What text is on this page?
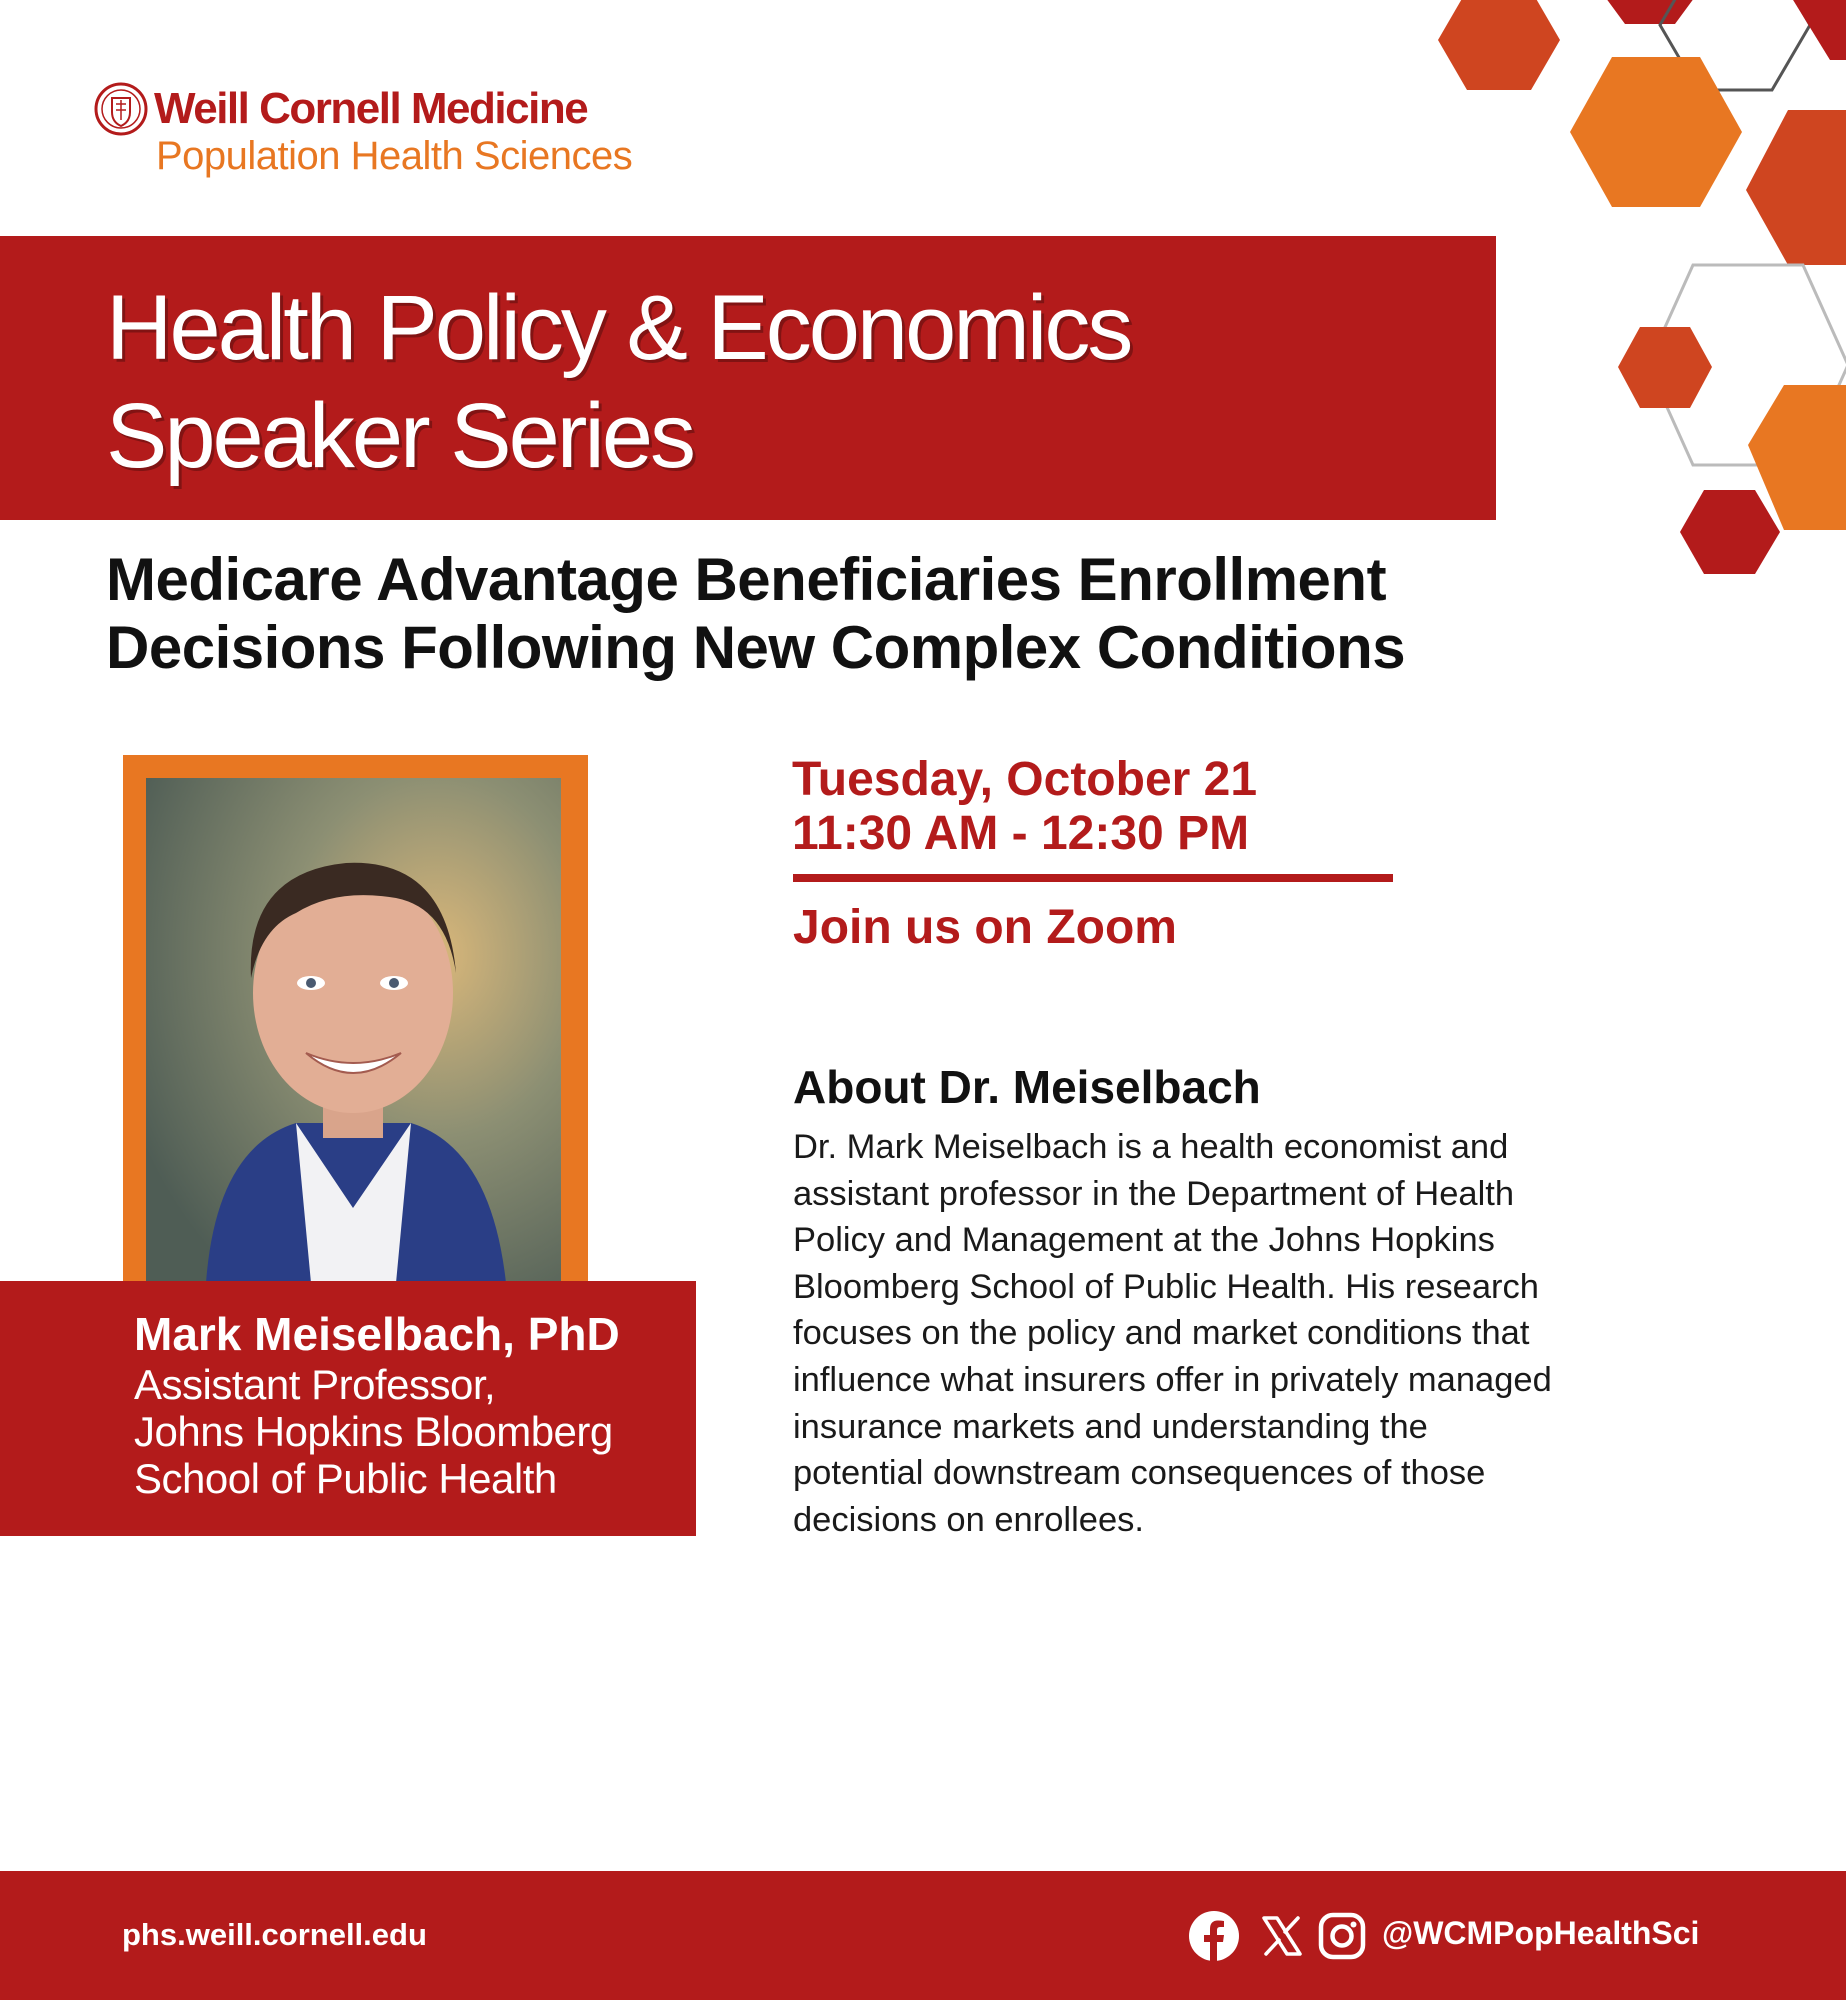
Weill Cornell Medicine
Population Health Sciences
Health Policy & Economics
Speaker Series
Medicare Advantage Beneficiaries Enrollment
Decisions Following New Complex Conditions
Mark Meiselbach, PhD
Assistant Professor,
Johns Hopkins Bloomberg
School of Public Health
Tuesday, October 21
11:30 AM - 12:30 PM
Join us on Zoom
About Dr. Meiselbach
Dr. Mark Meiselbach is a health economist and
assistant professor in the Department of Health
Policy and Management at the Johns Hopkins
Bloomberg School of Public Health. His research
focuses on the policy and market conditions that
influence what insurers offer in privately managed
insurance markets and understanding the
potential downstream consequences of those
decisions on enrollees.
phs.weill.cornell.edu	@WCMPopHealthSci
